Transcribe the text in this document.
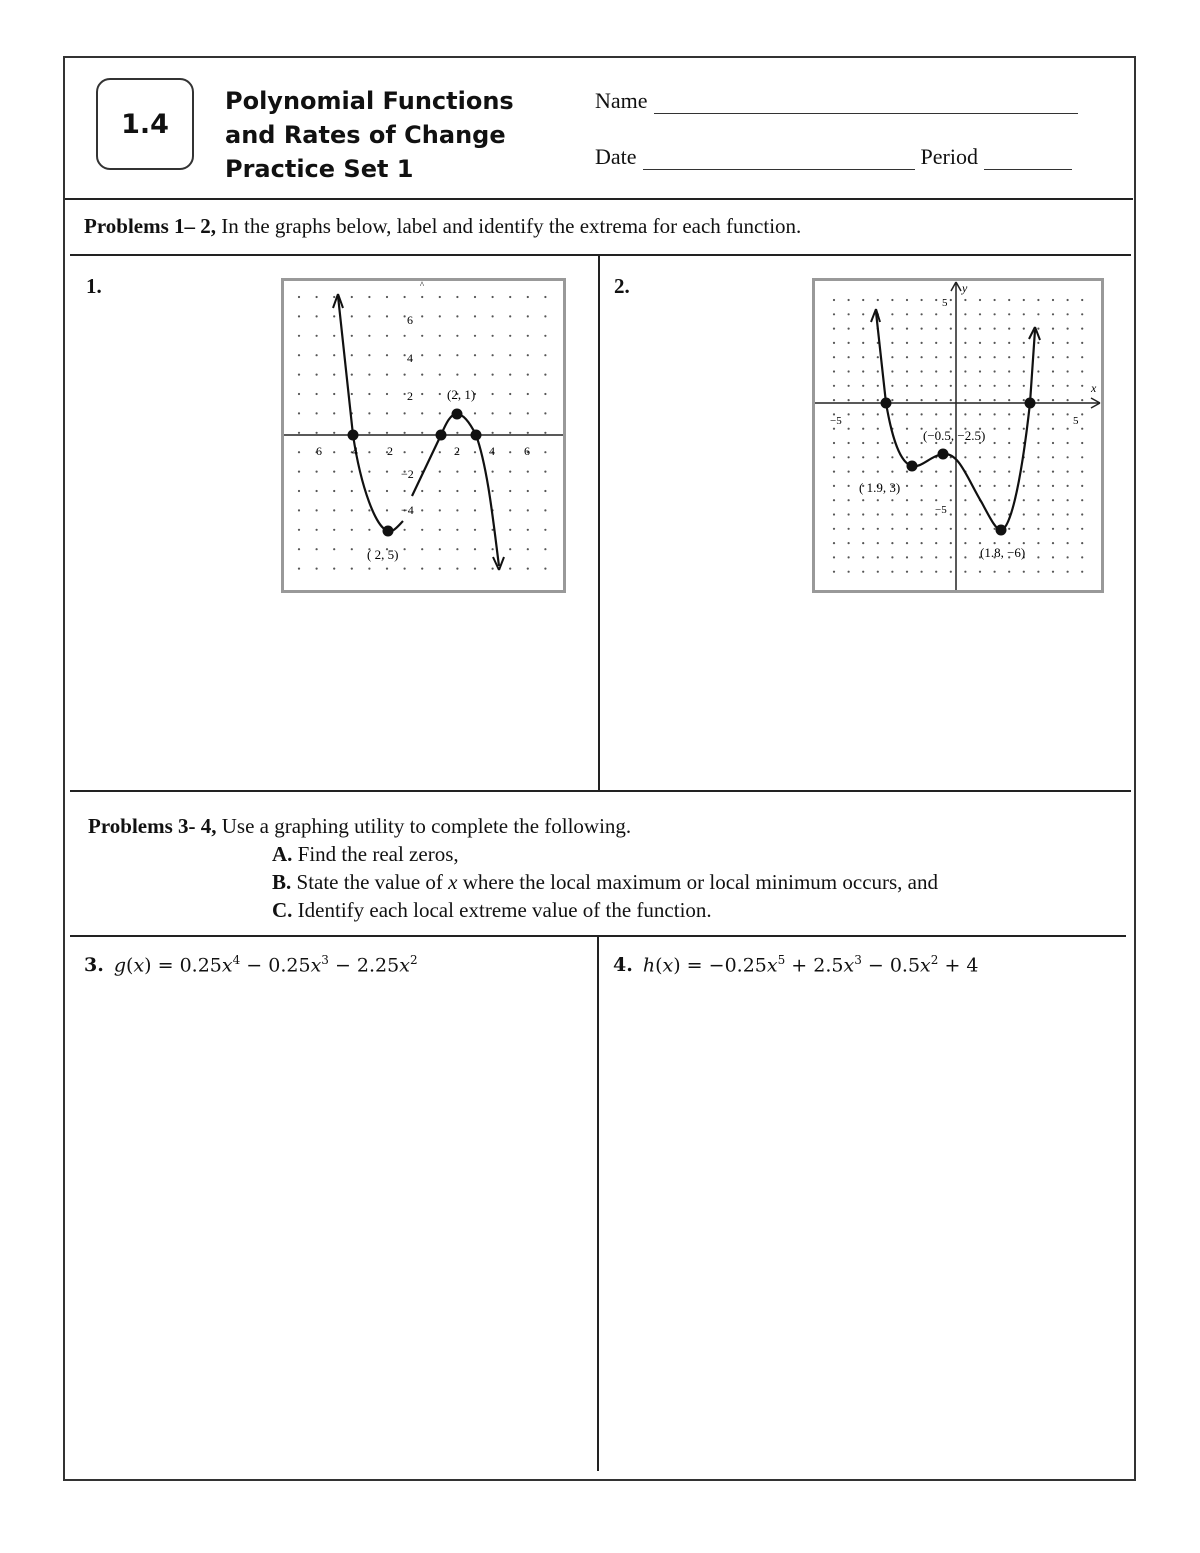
1.4
Polynomial Functions
and Rates of Change
Practice Set 1
Name
Date	Period
Problems 1– 2, In the graphs below, label and identify the extrema for each function.
1.	2.
^
6
4
2
−2
−4
6	4 2	2 4 6
(2, 1)
( 2, 5)
y
x
5
−5
−5	5
(−0.5, −2.5)
( 1.9, 3)
(1.8, −6)
Problems 3- 4, Use a graphing utility to complete the following.
A. Find the real zeros,
B. State the value of x where the local maximum or local minimum occurs, and
C. Identify each local extreme value of the function.
3. $g(x) = 0.25x^4 - 0.25x^3 - 2.25x^2$	4. $h(x) = -0.25x^5 + 2.5x^3 - 0.5x^2 + 4$
